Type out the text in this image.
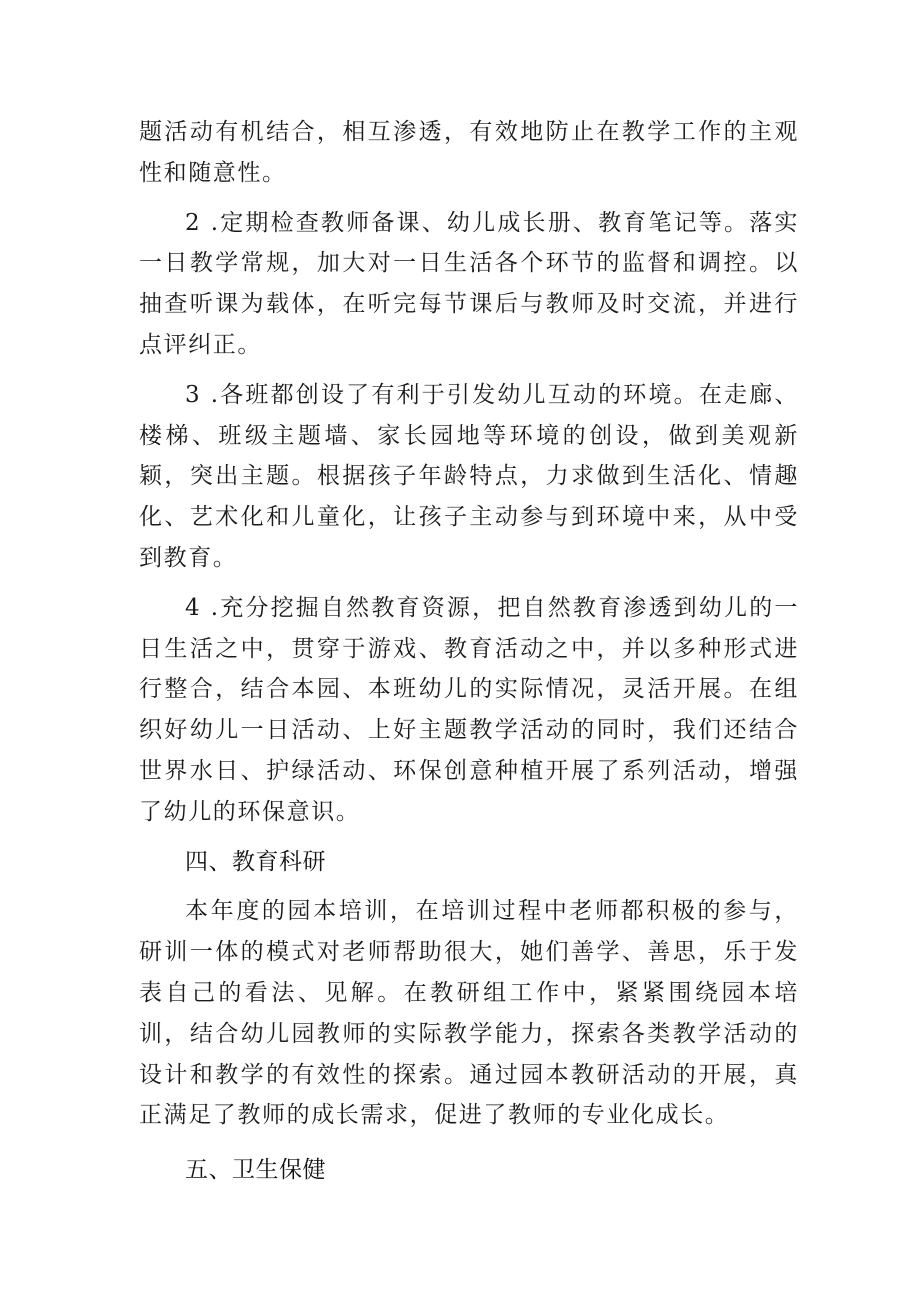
题活动有机结合，相互渗透，有效地防止在教学工作的主观性和随意性。

2 .定期检查教师备课、幼儿成长册、教育笔记等。落实一日教学常规，加大对一日生活各个环节的监督和调控。以抽查听课为载体，在听完每节课后与教师及时交流，并进行点评纠正。

3 .各班都创设了有利于引发幼儿互动的环境。在走廊、楼梯、班级主题墙、家长园地等环境的创设，做到美观新颖，突出主题。根据孩子年龄特点，力求做到生活化、情趣化、艺术化和儿童化，让孩子主动参与到环境中来，从中受到教育。

4 .充分挖掘自然教育资源，把自然教育渗透到幼儿的一日生活之中，贯穿于游戏、教育活动之中，并以多种形式进行整合，结合本园、本班幼儿的实际情况，灵活开展。在组织好幼儿一日活动、上好主题教学活动的同时，我们还结合世界水日、护绿活动、环保创意种植开展了系列活动，增强了幼儿的环保意识。

四、教育科研

本年度的园本培训，在培训过程中老师都积极的参与，研训一体的模式对老师帮助很大，她们善学、善思，乐于发表自己的看法、见解。在教研组工作中，紧紧围绕园本培训，结合幼儿园教师的实际教学能力，探索各类教学活动的设计和教学的有效性的探索。通过园本教研活动的开展，真正满足了教师的成长需求，促进了教师的专业化成长。

五、卫生保健
